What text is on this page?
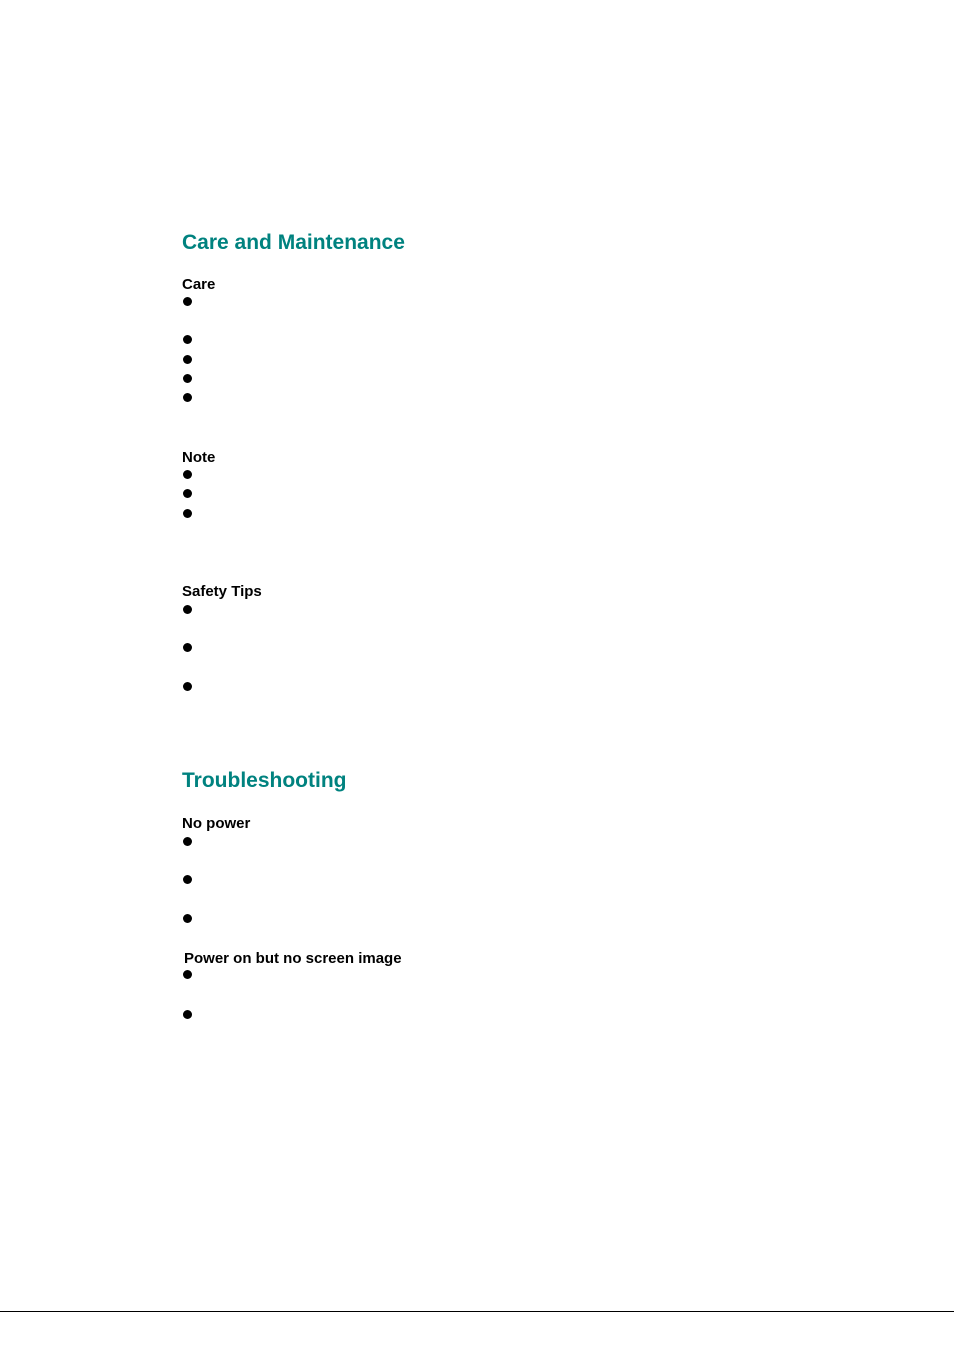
Care and Maintenance
Care
Note
Safety Tips
Troubleshooting
No power
Power on but no screen image
